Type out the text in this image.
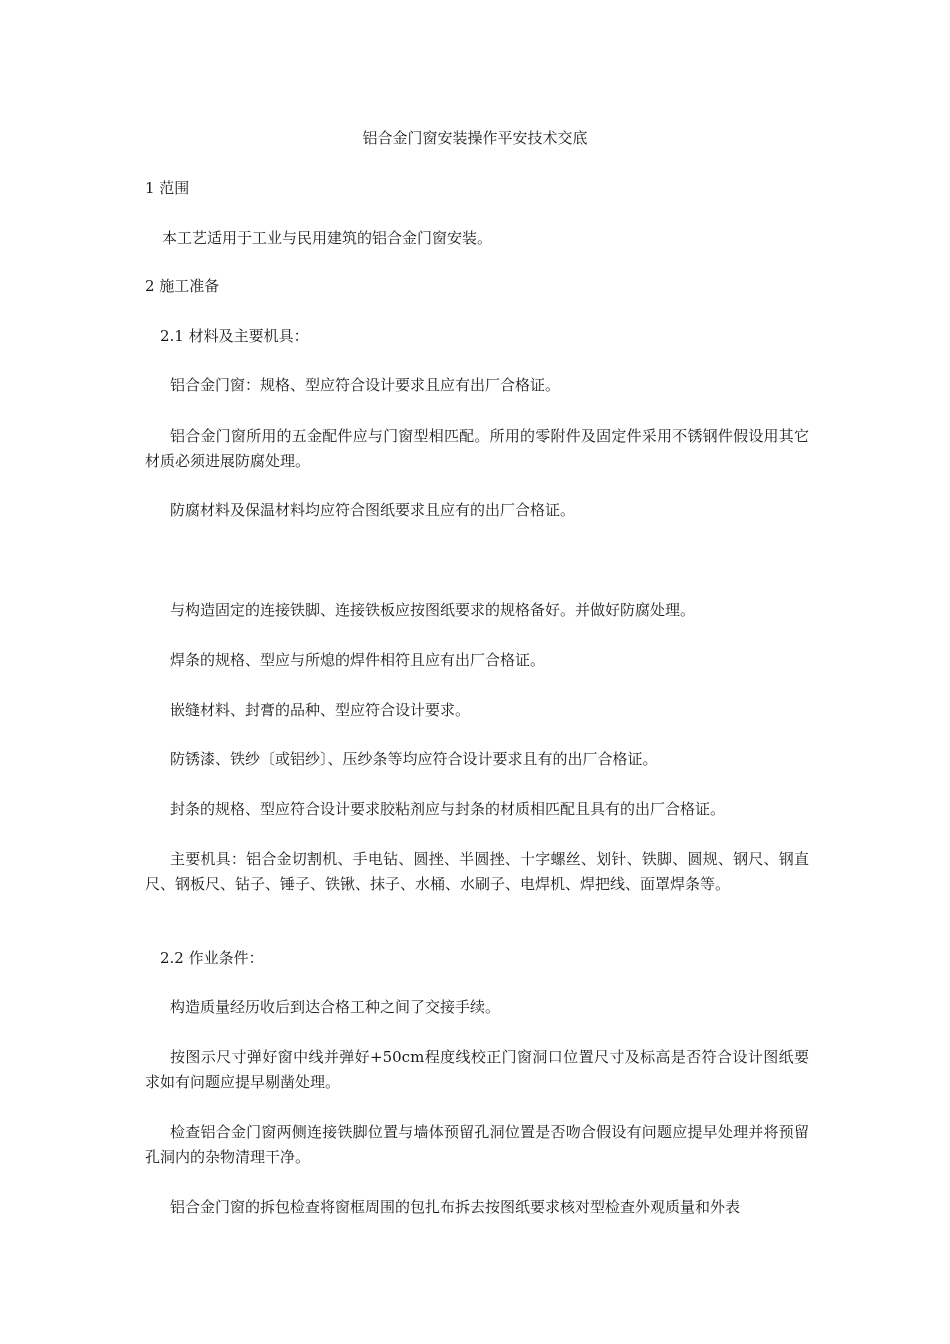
铝合金门窗安装操作平安技术交底

1 范围

本工艺适用于工业与民用建筑的铝合金门窗安装。

2 施工准备

2.1 材料及主要机具：

铝合金门窗：规格、型应符合设计要求且应有出厂合格证。

铝合金门窗所用的五金配件应与门窗型相匹配。所用的零附件及固定件采用不锈钢件假设用其它材质必须进展防腐处理。

防腐材料及保温材料均应符合图纸要求且应有的出厂合格证。

与构造固定的连接铁脚、连接铁板应按图纸要求的规格备好。并做好防腐处理。

焊条的规格、型应与所熄的焊件相符且应有出厂合格证。

嵌缝材料、封膏的品种、型应符合设计要求。

防锈漆、铁纱〔或铝纱〕、压纱条等均应符合设计要求且有的出厂合格证。

封条的规格、型应符合设计要求胶粘剂应与封条的材质相匹配且具有的出厂合格证。

主要机具：铝合金切割机、手电钻、圆挫、半圆挫、十字螺丝、划针、铁脚、圆规、钢尺、钢直尺、钢板尺、钻子、锤子、铁锹、抹子、水桶、水刷子、电焊机、焊把线、面罩焊条等。

2.2 作业条件：

构造质量经历收后到达合格工种之间了交接手续。

按图示尺寸弹好窗中线并弹好+50cm程度线校正门窗洞口位置尺寸及标高是否符合设计图纸要求如有问题应提早剔凿处理。

检查铝合金门窗两侧连接铁脚位置与墙体预留孔洞位置是否吻合假设有问题应提早处理并将预留孔洞内的杂物清理干净。

铝合金门窗的拆包检查将窗框周围的包扎布拆去按图纸要求核对型检查外观质量和外表
